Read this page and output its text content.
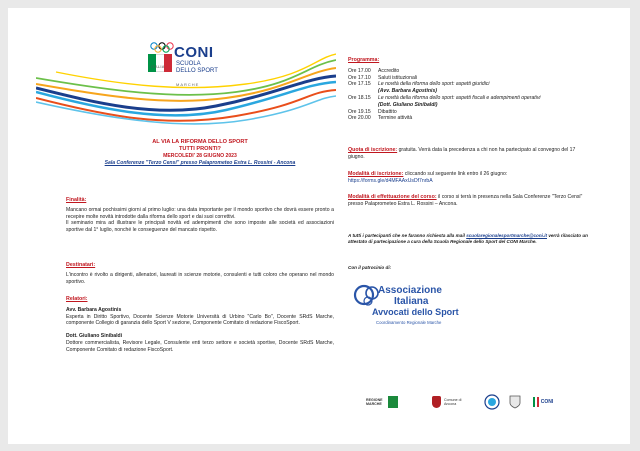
ITALIA
CONI
SCUOLA
DELLO SPORT
MARCHE
AL VIA LA RIFORMA DELLO SPORT
TUTTI PRONTI?
MERCOLEDI' 28 GIUGNO 2023
Sala Conferenze "Terzo Censi" presso Palaprometeo Estra L. Rossini - Ancona
Finalità:
Mancano ormai pochissimi giorni al primo luglio: una data importante per il mondo sportivo che dovrà essere pronto a recepire molte novità introdotte dalla riforma dello sport e dai suoi correttivi.
Il seminario mira ad illustrare le principali novità ed adempimenti che sono imposte alle società ed associazioni sportive dal 1° luglio, nonché le conseguenze del mancato rispetto.
Destinatari:
L'incontro è rivolto a dirigenti, allenatori, laureati in scienze motorie, consulenti e tutti coloro che operano nel mondo sportivo.
Relatori:
Avv. Barbara Agostinis
Esperta in Diritto Sportivo, Docente Scienze Motorie Università di Urbino "Carlo Bo", Docente SRdS Marche, componente Collegio di garanzia dello Sport V sezione, Componente Comitato di redazione FiscoSport.
Dott. Giuliano Sinibaldi
Dottore commercialista, Revisore Legale, Consulente enti terzo settore e società sportive, Docente SRdS Marche, Componente Comitato di redazione FiscoSport.
Programma:
Ore 17.00	Accredito
Ore 17.10	Saluti istituzionali
Ore 17.15	Le novità della riforma dello sport: aspetti giuridici
(Avv. Barbara Agostinis)
Ore 18.15	Le novità della riforma dello sport: aspetti fiscali e adempimenti operativi
(Dott. Giuliano Sinibaldi)
Ore 19.15	Dibattito
Ore 20.00	Termine attività
Quota di iscrizione: gratuita. Verrà data la precedenza a chi non ha partecipato al convegno del 17 giugno.
Modalità di iscrizione: cliccando sul seguente link entro il 26 giugno:
https://forms.gle/d4MFAAxUsDf7nrbA
Modalità di effettuazione del corso: il corso si terrà in presenza nella Sala Conferenze "Terzo Censi" presso Palaprometeo Estra L. Rossini – Ancona.
A tutti i partecipanti che ne faranno richiesta alla mail scuolaregionalesportmarche@coni.it verrà rilasciato un attestato di partecipazione a cura della Scuola Regionale dello Sport del CONI Marche.
Con il patrocinio di:
Associazione
Italiana
Avvocati dello Sport
Coordinamento Regionale Marche
REGIONE MARCHE
Comune di Ancona	CONI
